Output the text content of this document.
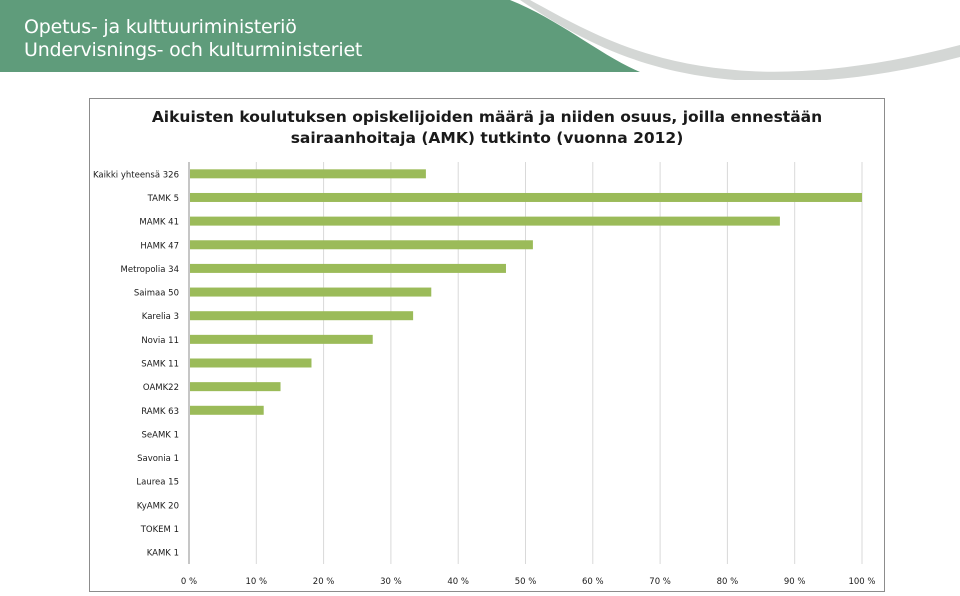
Opetus- ja kulttuuriministeriö
Undervisnings- och kulturministeriet
Aikuisten koulutuksen opiskelijoiden määrä ja niiden osuus, joilla ennestään
sairaanhoitaja (AMK) tutkinto (vuonna 2012)
0 %	10 %	20 %	30 %	40 %	50 %	60 %	70 %	80 %	90 %	100 %
Kaikki yhteensä 326
TAMK 5
MAMK 41
HAMK 47
Metropolia 34
Saimaa 50
Karelia 3
Novia 11
SAMK 11
OAMK22
RAMK 63
SeAMK 1
Savonia 1
Laurea 15
KyAMK 20
TOKEM 1
KAMK 1
